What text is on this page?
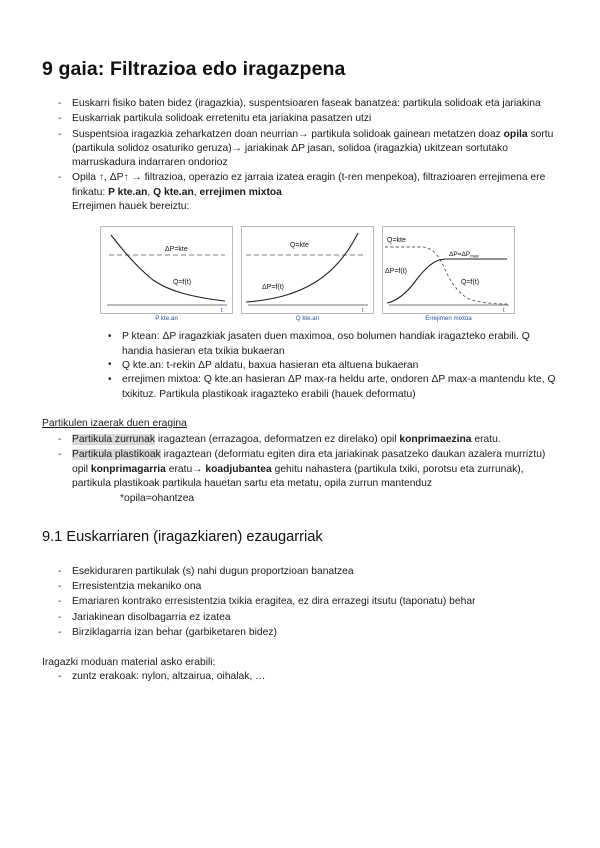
9 gaia: Filtrazioa edo iragazpena
- Euskarri fisiko baten bidez (iragazkia), suspentsioaren faseak banatzea: partikula solidoak eta jariakina
- Euskarriak partikula solidoak erretenitu eta jariakina pasatzen utzi
- Suspentsioa iragazkia zeharkatzen doan neurrian→ partikula solidoak gainean metatzen doaz opila sortu (partikula solidoz osaturiko geruza)→ jariakinak ΔP jasan, solidoa (iragazkia) ukitzean sortutako marruskadura indarraren ondorioz
- Opila ↑, ΔP↑ → filtrazioa, operazio ez jarraia izatea eragin (t-ren menpekoa), filtrazioaren errejimena ere finkatu: P kte.an, Q kte.an, errejimen mixtoa
Errejimen hauek bereiztu:
ΔP=kte
Q=f(t)
t
P kte.an
Q=kte
ΔP=f(t)
t
Q kte.an
Q=kte
$\Delta P=\Delta P_{max}$
ΔP=f(t)
Q=f(t)
t
Errejimen mixtoa
• P ktean: ΔP iragazkiak jasaten duen maximoa, oso bolumen handiak iragazteko erabili. Q handia hasieran eta txikia bukaeran
• Q kte.an: t-rekin ΔP aldatu, baxua hasieran eta altuena bukaeran
• errejimen mixtoa: Q kte.an hasieran ΔP max-ra heldu arte, ondoren ΔP max-a mantendu kte, Q txikituz. Partikula plastikoak iragazteko erabili (hauek deformatu)

Partikulen izaerak duen eragina

- Partikula zurrunak iragaztean (errazagoa, deformatzen ez direlako) opil konprimaezina eratu.
- Partikula plastikoak iragaztean (deformatu egiten dira eta jariakinak pasatzeko daukan azalera murriztu) opil konprimagarria eratu→ koadjubantea gehitu nahastera (partikula txiki, porotsu eta zurrunak), partikula plastikoak partikula hauetan sartu eta metatu, opila zurrun mantenduz

*opila=ohantzea

9.1 Euskarriaren (iragazkiaren) ezaugarriak
- Esekiduraren partikulak (s) nahi dugun proportzioan banatzea
- Erresistentzia mekaniko ona
- Emariaren kontrako erresistentzia txikia eragitea, ez dira errazegi itsutu (taponatu) behar
- Jariakinean disolbagarria ez izatea
- Birziklagarria izan behar (garbiketaren bidez)

Iragazki moduan material asko erabili:

- zuntz erakoak: nylon, altzairua, oihalak, …
